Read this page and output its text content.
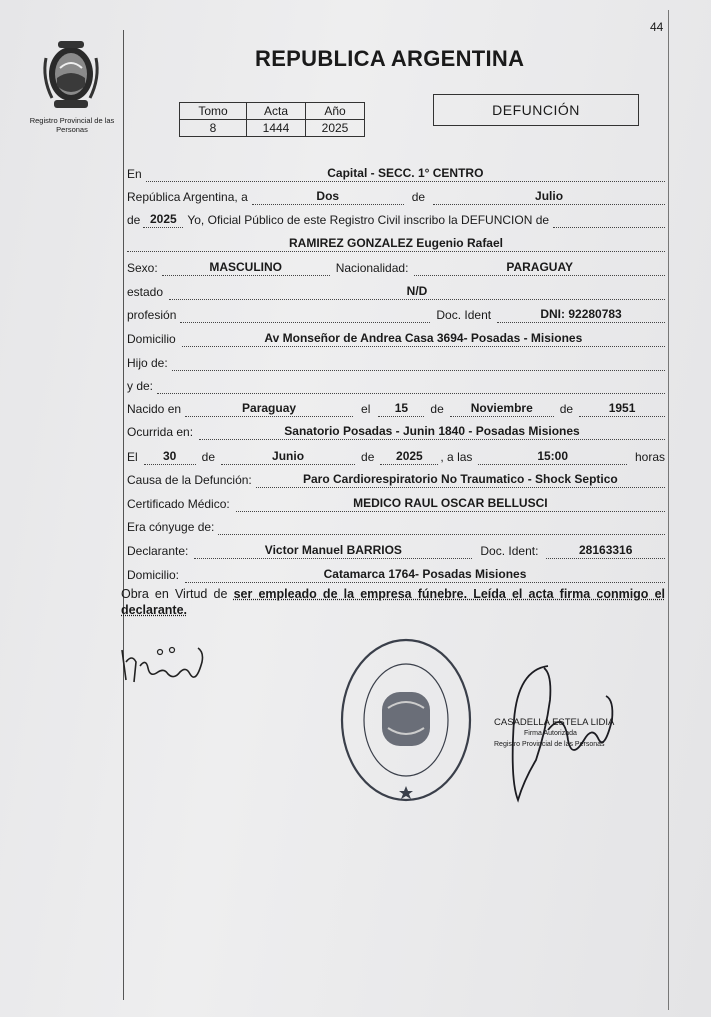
44
Registro Provincial de las Personas
REPUBLICA ARGENTINA
Tomo	Acta	Año
8	1444	2025
DEFUNCIÓN
En	Capital - SECC. 1° CENTRO
República Argentina, a	Dos	de	Julio
de 2025 Yo, Oficial Público de este Registro Civil inscribo la DEFUNCION de
RAMIREZ GONZALEZ Eugenio Rafael
Sexo:	MASCULINO	Nacionalidad:	PARAGUAY
estado	N/D
profesión	Doc. Ident	DNI: 92280783
Domicilio	Av Monseñor de Andrea Casa 3694- Posadas - Misiones
Hijo de:
y de:
Nacido en	Paraguay	el	15	de	Noviembre	de	1951
Ocurrida en:	Sanatorio Posadas - Junin 1840 - Posadas Misiones
El	30	de	Junio	de	2025	, a las	15:00	horas
Causa de la Defunción:	Paro Cardiorespiratorio No Traumatico - Shock Septico
Certificado Médico:	MEDICO RAUL OSCAR BELLUSCI
Era cónyuge de:
Declarante:	Victor Manuel BARRIOS	Doc. Ident:	28163316
Domicilio:	Catamarca 1764- Posadas Misiones
Obra en Virtud de ser empleado de la empresa fúnebre. Leída el acta firma conmigo el declarante.
CASADELLA ESTELA LIDIA
Firma Autorizada
Registro Provincial de las Personas
